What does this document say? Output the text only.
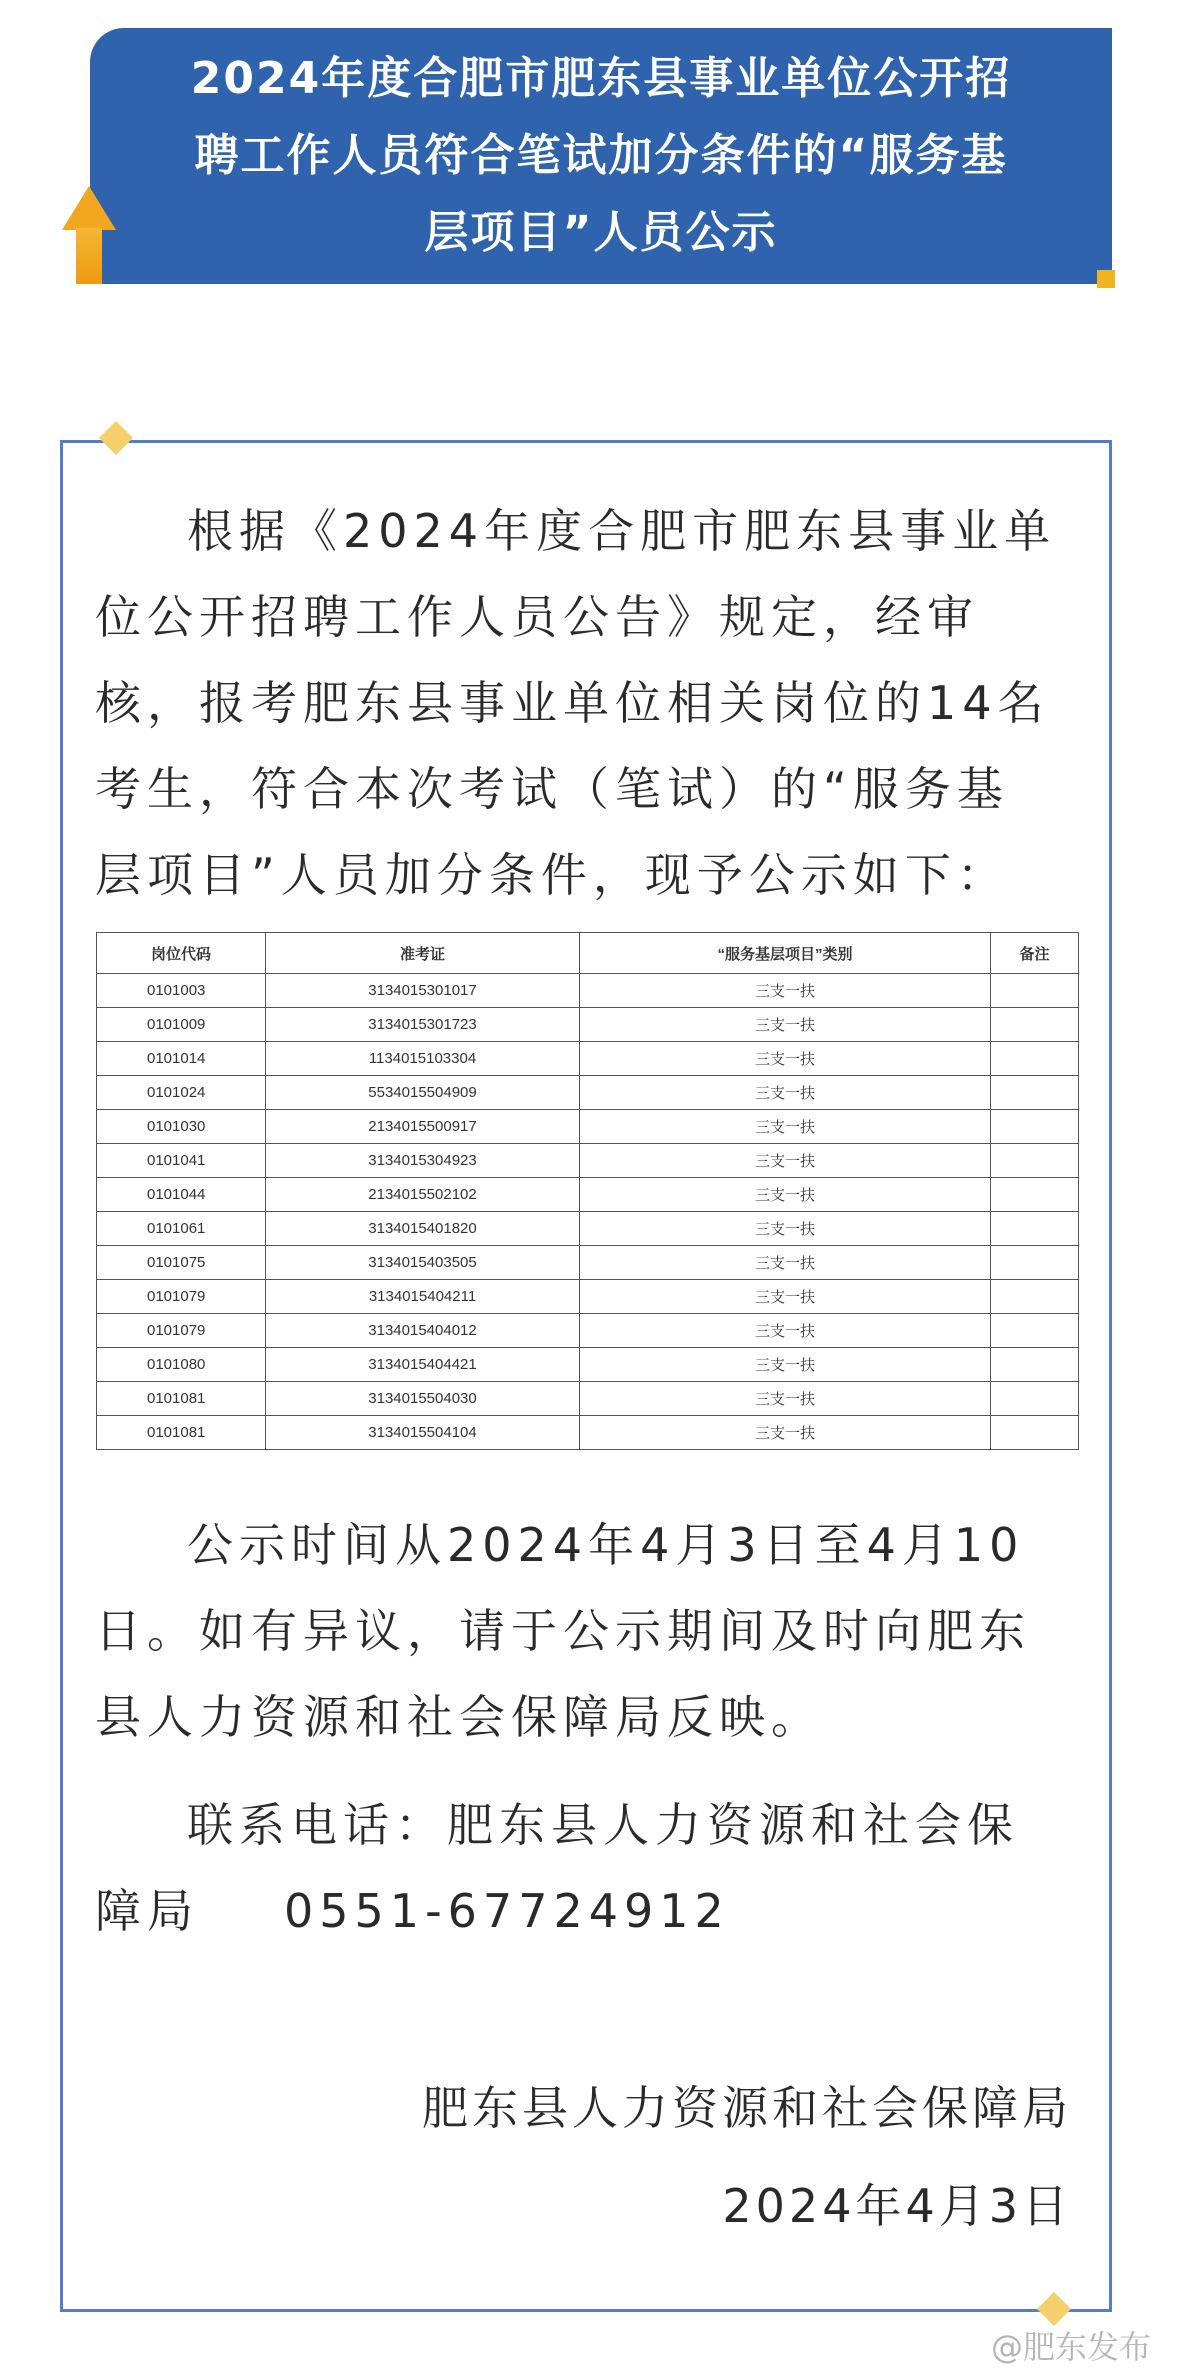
2024年度合肥市肥东县事业单位公开招
聘工作人员符合笔试加分条件的“服务基
层项目”人员公示

根据《2024年度合肥市肥东县事业单
位公开招聘工作人员公告》规定，经审
核，报考肥东县事业单位相关岗位的14名
考生，符合本次考试（笔试）的“服务基
层项目”人员加分条件，现予公示如下：

岗位代码	准考证	“服务基层项目”类别	备注
0101003	3134015301017	三支一扶	
0101009	3134015301723	三支一扶	
0101014	1134015103304	三支一扶	
0101024	5534015504909	三支一扶	
0101030	2134015500917	三支一扶	
0101041	3134015304923	三支一扶	
0101044	2134015502102	三支一扶	
0101061	3134015401820	三支一扶	
0101075	3134015403505	三支一扶	
0101079	3134015404211	三支一扶	
0101079	3134015404012	三支一扶	
0101080	3134015404421	三支一扶	
0101081	3134015504030	三支一扶	
0101081	3134015504104	三支一扶	

公示时间从2024年4月3日至4月10
日。如有异议，请于公示期间及时向肥东
县人力资源和社会保障局反映。

联系电话：肥东县人力资源和社会保
障局 0551-67724912

肥东县人力资源和社会保障局

2024年4月3日

@肥东发布
